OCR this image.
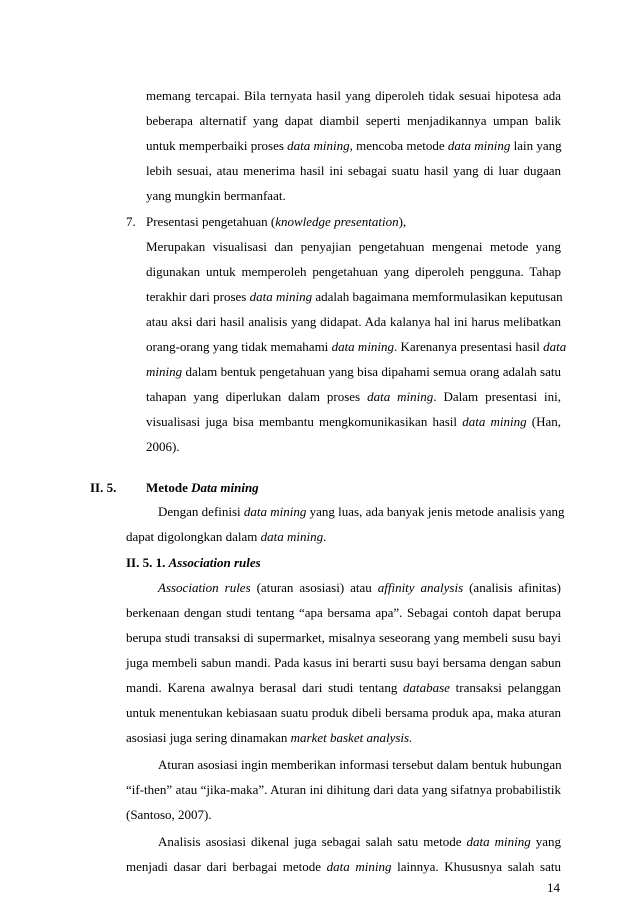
memang tercapai. Bila ternyata hasil yang diperoleh tidak sesuai hipotesa ada
beberapa alternatif yang dapat diambil seperti menjadikannya umpan balik
untuk memperbaiki proses data mining, mencoba metode data mining lain yang
lebih sesuai, atau menerima hasil ini sebagai suatu hasil yang di luar dugaan
yang mungkin bermanfaat.
7. Presentasi pengetahuan (knowledge presentation),
Merupakan visualisasi dan penyajian pengetahuan mengenai metode yang
digunakan untuk memperoleh pengetahuan yang diperoleh pengguna. Tahap
terakhir dari proses data mining adalah bagaimana memformulasikan keputusan
atau aksi dari hasil analisis yang didapat. Ada kalanya hal ini harus melibatkan
orang-orang yang tidak memahami data mining. Karenanya presentasi hasil data
mining dalam bentuk pengetahuan yang bisa dipahami semua orang adalah satu
tahapan yang diperlukan dalam proses data mining. Dalam presentasi ini,
visualisasi juga bisa membantu mengkomunikasikan hasil data mining (Han,
2006).
II. 5. Metode Data mining
Dengan definisi data mining yang luas, ada banyak jenis metode analisis yang
dapat digolongkan dalam data mining.
II. 5. 1. Association rules
Association rules (aturan asosiasi) atau affinity analysis (analisis afinitas)
berkenaan dengan studi tentang “apa bersama apa”. Sebagai contoh dapat berupa
berupa studi transaksi di supermarket, misalnya seseorang yang membeli susu bayi
juga membeli sabun mandi. Pada kasus ini berarti susu bayi bersama dengan sabun
mandi. Karena awalnya berasal dari studi tentang database transaksi pelanggan
untuk menentukan kebiasaan suatu produk dibeli bersama produk apa, maka aturan
asosiasi juga sering dinamakan market basket analysis.
Aturan asosiasi ingin memberikan informasi tersebut dalam bentuk hubungan
“if-then” atau “jika-maka”. Aturan ini dihitung dari data yang sifatnya probabilistik
14
(Santoso, 2007).
Analisis asosiasi dikenal juga sebagai salah satu metode data mining yang
menjadi dasar dari berbagai metode data mining lainnya. Khususnya salah satu
